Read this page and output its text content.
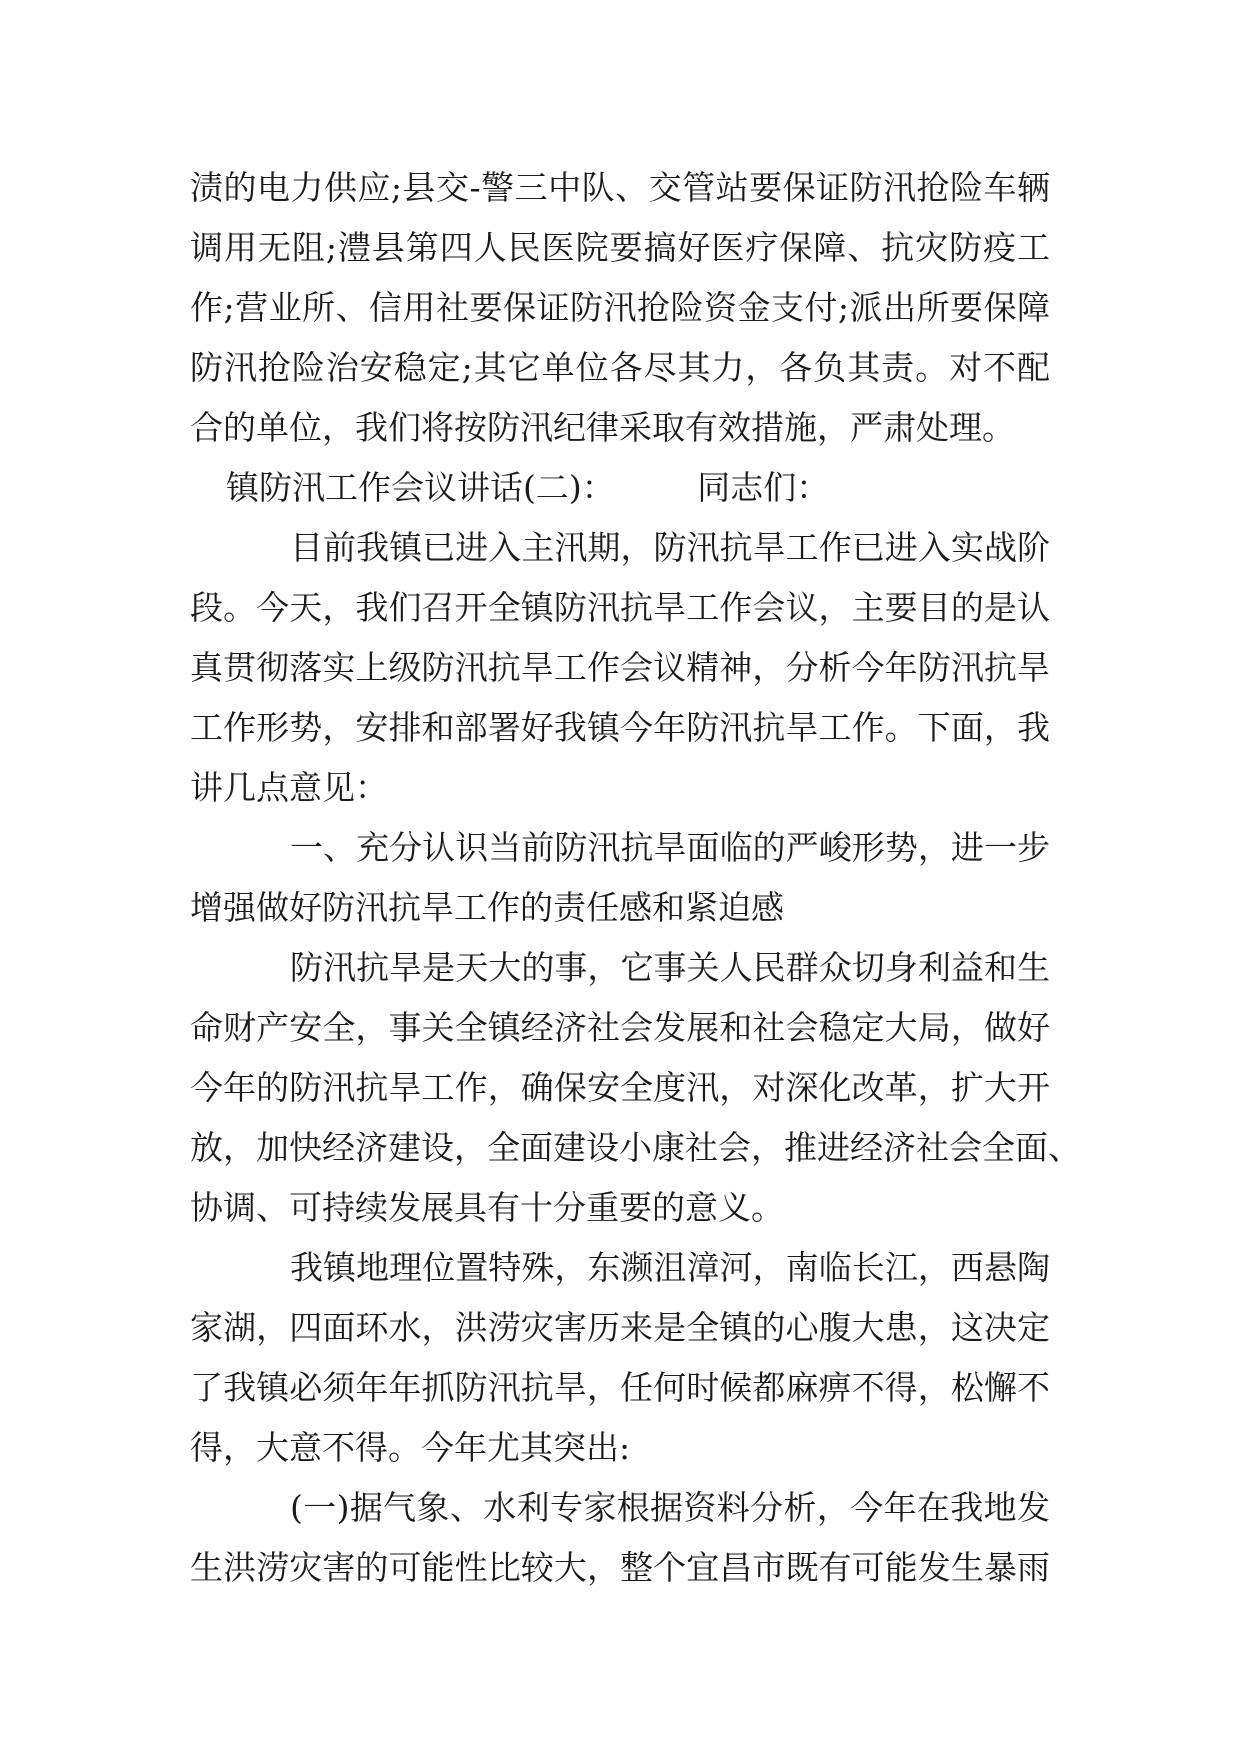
渍的电力供应;县交-警三中队、交管站要保证防汛抢险车辆
调用无阻;澧县第四人民医院要搞好医疗保障、抗灾防疫工
作;营业所、信用社要保证防汛抢险资金支付;派出所要保障
防汛抢险治安稳定;其它单位各尽其力，各负其责。对不配
合的单位，我们将按防汛纪律采取有效措施，严肃处理。
镇防汛工作会议讲话(二)：　　　同志们：
目前我镇已进入主汛期，防汛抗旱工作已进入实战阶
段。今天，我们召开全镇防汛抗旱工作会议，主要目的是认
真贯彻落实上级防汛抗旱工作会议精神，分析今年防汛抗旱
工作形势，安排和部署好我镇今年防汛抗旱工作。下面，我
讲几点意见：
一、充分认识当前防汛抗旱面临的严峻形势，进一步
增强做好防汛抗旱工作的责任感和紧迫感
防汛抗旱是天大的事，它事关人民群众切身利益和生
命财产安全，事关全镇经济社会发展和社会稳定大局，做好
今年的防汛抗旱工作，确保安全度汛，对深化改革，扩大开
放，加快经济建设，全面建设小康社会，推进经济社会全面、
协调、可持续发展具有十分重要的意义。
我镇地理位置特殊，东濒沮漳河，南临长江，西悬陶
家湖，四面环水，洪涝灾害历来是全镇的心腹大患，这决定
了我镇必须年年抓防汛抗旱，任何时候都麻痹不得，松懈不
得，大意不得。今年尤其突出:
(一)据气象、水利专家根据资料分析，今年在我地发
生洪涝灾害的可能性比较大，整个宜昌市既有可能发生暴雨
